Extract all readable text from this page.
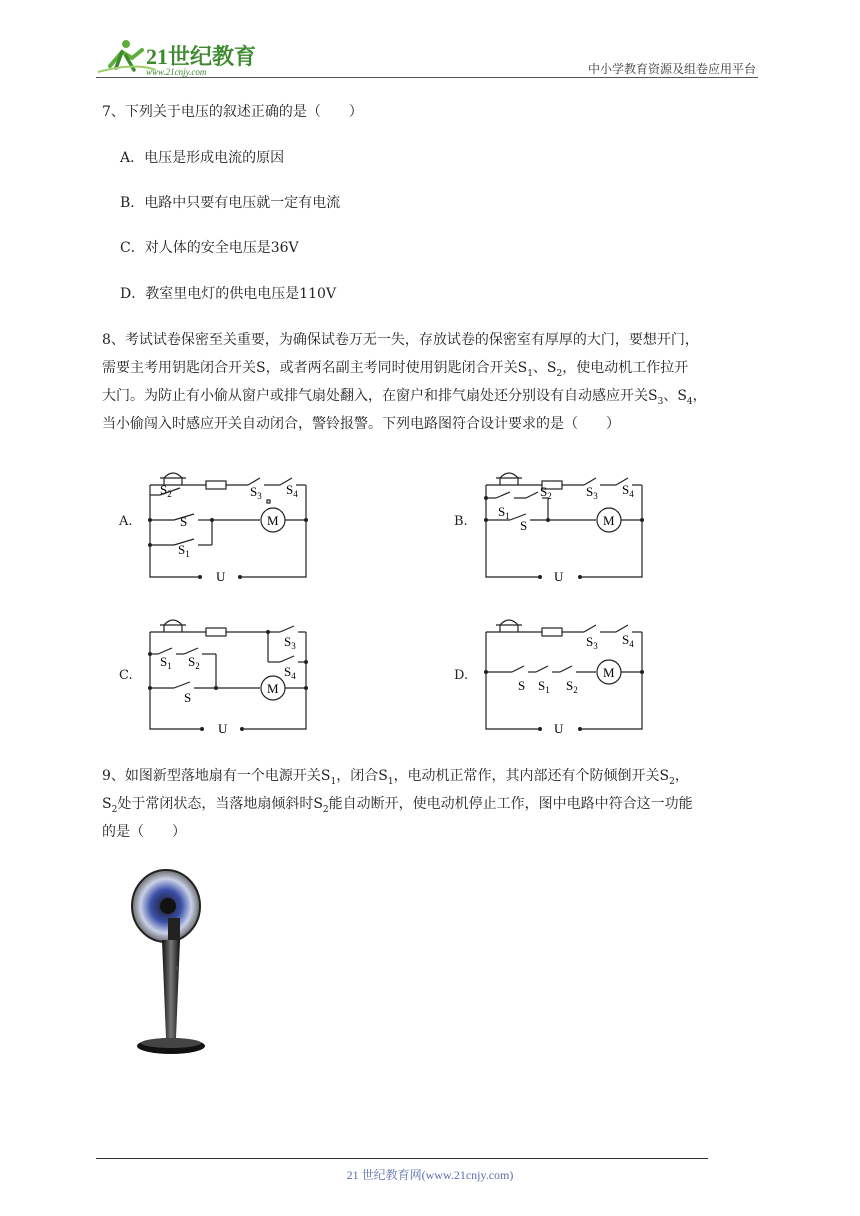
21世纪教育
www.21cnjy.com	中小学教育资源及组卷应用平台
7、下列关于电压的叙述正确的是（　　）
A．电压是形成电流的原因
B．电路中只要有电压就一定有电流
C．对人体的安全电压是36V
D．教室里电灯的供电电压是110V
8、考试试卷保密至关重要，为确保试卷万无一失，存放试卷的保密室有厚厚的大门，要想开门，
需要主考用钥匙闭合开关S，或者两名副主考同时使用钥匙闭合开关$S_1$、$S_2$，使电动机工作拉开
大门。为防止有小偷从窗户或排气扇处翻入，在窗户和排气扇处还分别设有自动感应开关$S_3$、$S_4$，
当小偷闯入时感应开关自动闭合，警铃报警。下列电路图符合设计要求的是（　　）
A.
$S_2$	$S_3$ $S_4$
S
$S_1$
M
U
B.
$S_1$
$S_2$	$S_3$ $S_4$
S	M
U
C.
$S_1$ $S_2$
$S_3$
$S_4$
S
M
U
D.
$S_3$ $S_4$
S $S_1$ $S_2$
M
U
9、如图新型落地扇有一个电源开关$S_1$，闭合$S_1$，电动机正常作，其内部还有个防倾倒开关$S_2$，
$S_2$处于常闭状态，当落地扇倾斜时$S_2$能自动断开，使电动机停止工作，图中电路中符合这一功能
的是（　　）
21 世纪教育网(www.21cnjy.com)
